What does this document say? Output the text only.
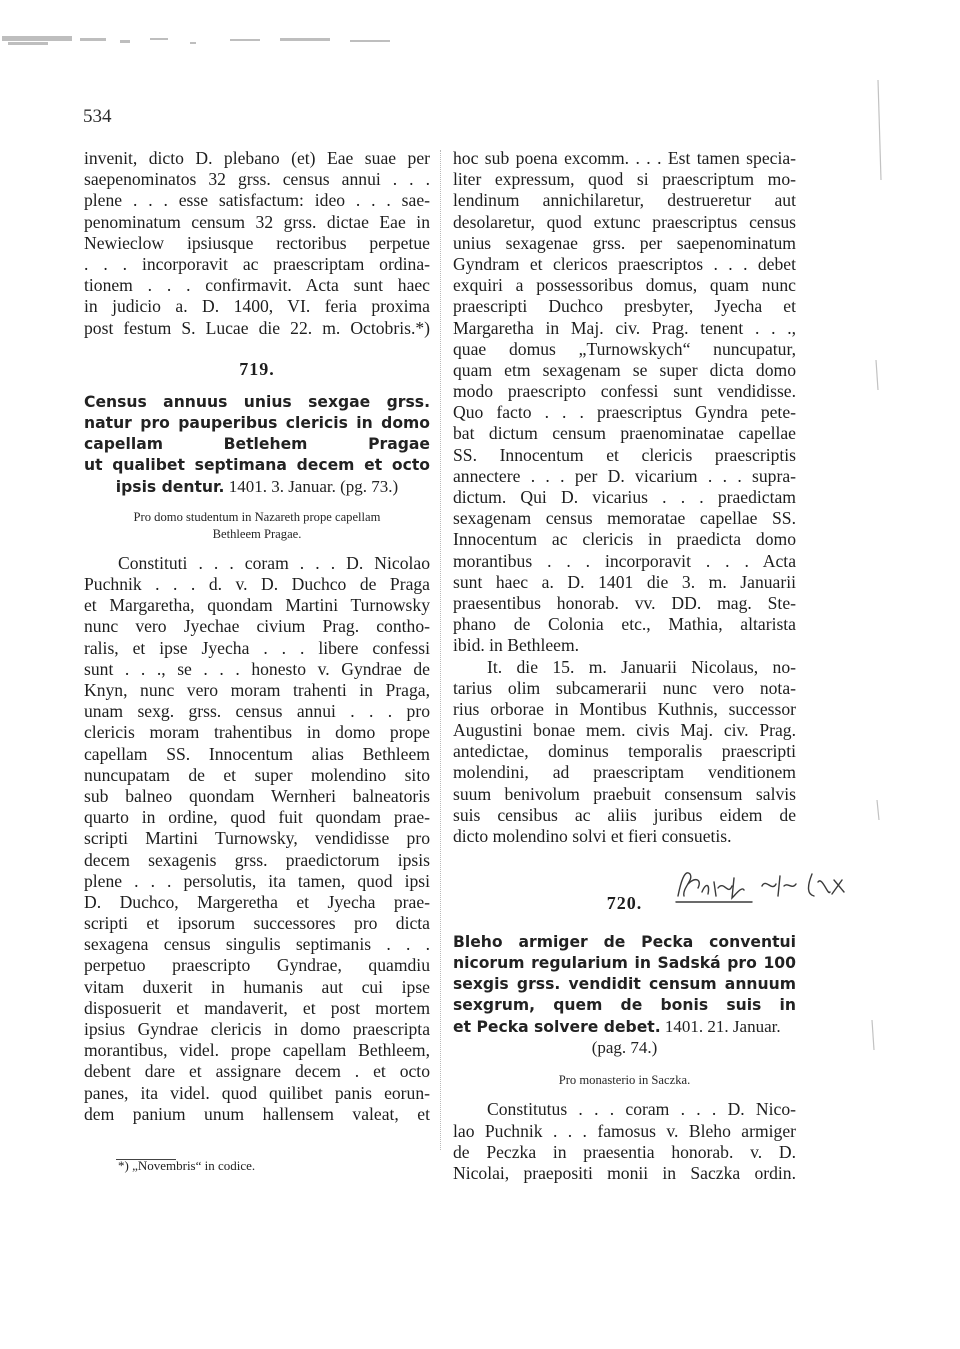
534
invenit, dicto D. plebano (et) Eae suae per
saepenominatos 32 grss. census annui . . .
plene . . . esse satisfactum: ideo . . . sae-
penominatum censum 32 grss. dictae Eae in
Newieclow ipsiusque rectoribus perpetue
. . . incorporavit ac praescriptam ordina-
tionem . . . confirmavit. Acta sunt haec
in judicio a. D. 1400, VI. feria proxima
post festum S. Lucae die 22. m. Octobris.*)
719.
Census annuus unius sexgae grss.
natur pro pauperibus clericis in domo
capellam Betlehem Pragae
ut qualibet septimana decem et octo
ipsis dentur. 1401. 3. Januar. (pg. 73.)
Pro domo studentum in Nazareth prope capellam
Bethleem Pragae.
Constituti . . . coram . . . D. Nicolao
Puchnik . . . d. v. D. Duchco de Praga
et Margaretha, quondam Martini Turnowsky
nunc vero Jyechae civium Prag. contho-
ralis, et ipse Jyecha . . . libere confessi
sunt . . ., se . . . honesto v. Gyndrae de
Knyn, nunc vero moram trahenti in Praga,
unam sexg. grss. census annui . . . pro
clericis moram trahentibus in domo prope
capellam SS. Innocentum alias Bethleem
nuncupatam de et super molendino sito
sub balneo quondam Wernheri balneatoris
quarto in ordine, quod fuit quondam prae-
scripti Martini Turnowsky, vendidisse pro
decem sexagenis grss. praedictorum ipsis
plene . . . persolutis, ita tamen, quod ipsi
D. Duchco, Margeretha et Jyecha prae-
scripti et ipsorum successores pro dicta
sexagena census singulis septimanis . . .
perpetuo praescripto Gyndrae, quamdiu
vitam duxerit in humanis aut cui ipse
disposuerit et mandaverit, et post mortem
ipsius Gyndrae clericis in domo praescripta
morantibus, videl. prope capellam Bethleem,
debent dare et assignare decem . et octo
panes, ita videl. quod quilibet panis eorun-
dem panium unum hallensem valeat, et
*) „Novembris“ in codice.
hoc sub poena excomm. . . . Est tamen specia-
liter expressum, quod si praescriptum mo-
lendinum annichilaretur, destrueretur aut
desolaretur, quod extunc praescriptus census
unius sexagenae grss. per saepenominatum
Gyndram et clericos praescriptos . . . debet
exquiri a possessoribus domus, quam nunc
praescripti Duchco presbyter, Jyecha et
Margaretha in Maj. civ. Prag. tenent . . .,
quae domus „Turnowskych“ nuncupatur,
quam etm sexagenam se super dicta domo
modo praescripto confessi sunt vendidisse.
Quo facto . . . praescriptus Gyndra pete-
bat dictum censum praenominatae capellae
SS. Innocentum et clericis praescriptis
annectere . . . per D. vicarium . . . supra-
dictum. Qui D. vicarius . . . praedictam
sexagenam census memoratae capellae SS.
Innocentum ac clericis in praedicta domo
morantibus . . . incorporavit . . . Acta
sunt haec a. D. 1401 die 3. m. Januarii
praesentibus honorab. vv. DD. mag. Ste-
phano de Colonia etc., Mathia, altarista
ibid. in Bethleem.
It. die 15. m. Januarii Nicolaus, no-
tarius olim subcamerarii nunc vero nota-
rius orborae in Montibus Kuthnis, successor
Augustini bonae mem. civis Maj. civ. Prag.
antedictae, dominus temporalis praescripti
molendini, ad praescriptam venditionem
suum benivolum praebuit consensum salvis
suis censibus ac aliis juribus eidem de
dicto molendino solvi et fieri consuetis.
720.
Bleho armiger de Pecka conventui
nicorum regularium in Sadská pro 100
sexgis grss. vendidit censum annuum
sexgrum, quem de bonis suis in
et Pecka solvere debet. 1401. 21. Januar.
(pag. 74.)
Pro monasterio in Saczka.
Constitutus . . . coram . . . D. Nico-
lao Puchnik . . . famosus v. Bleho armiger
de Peczka in praesentia honorab. v. D.
Nicolai, praepositi monii in Saczka ordin.
